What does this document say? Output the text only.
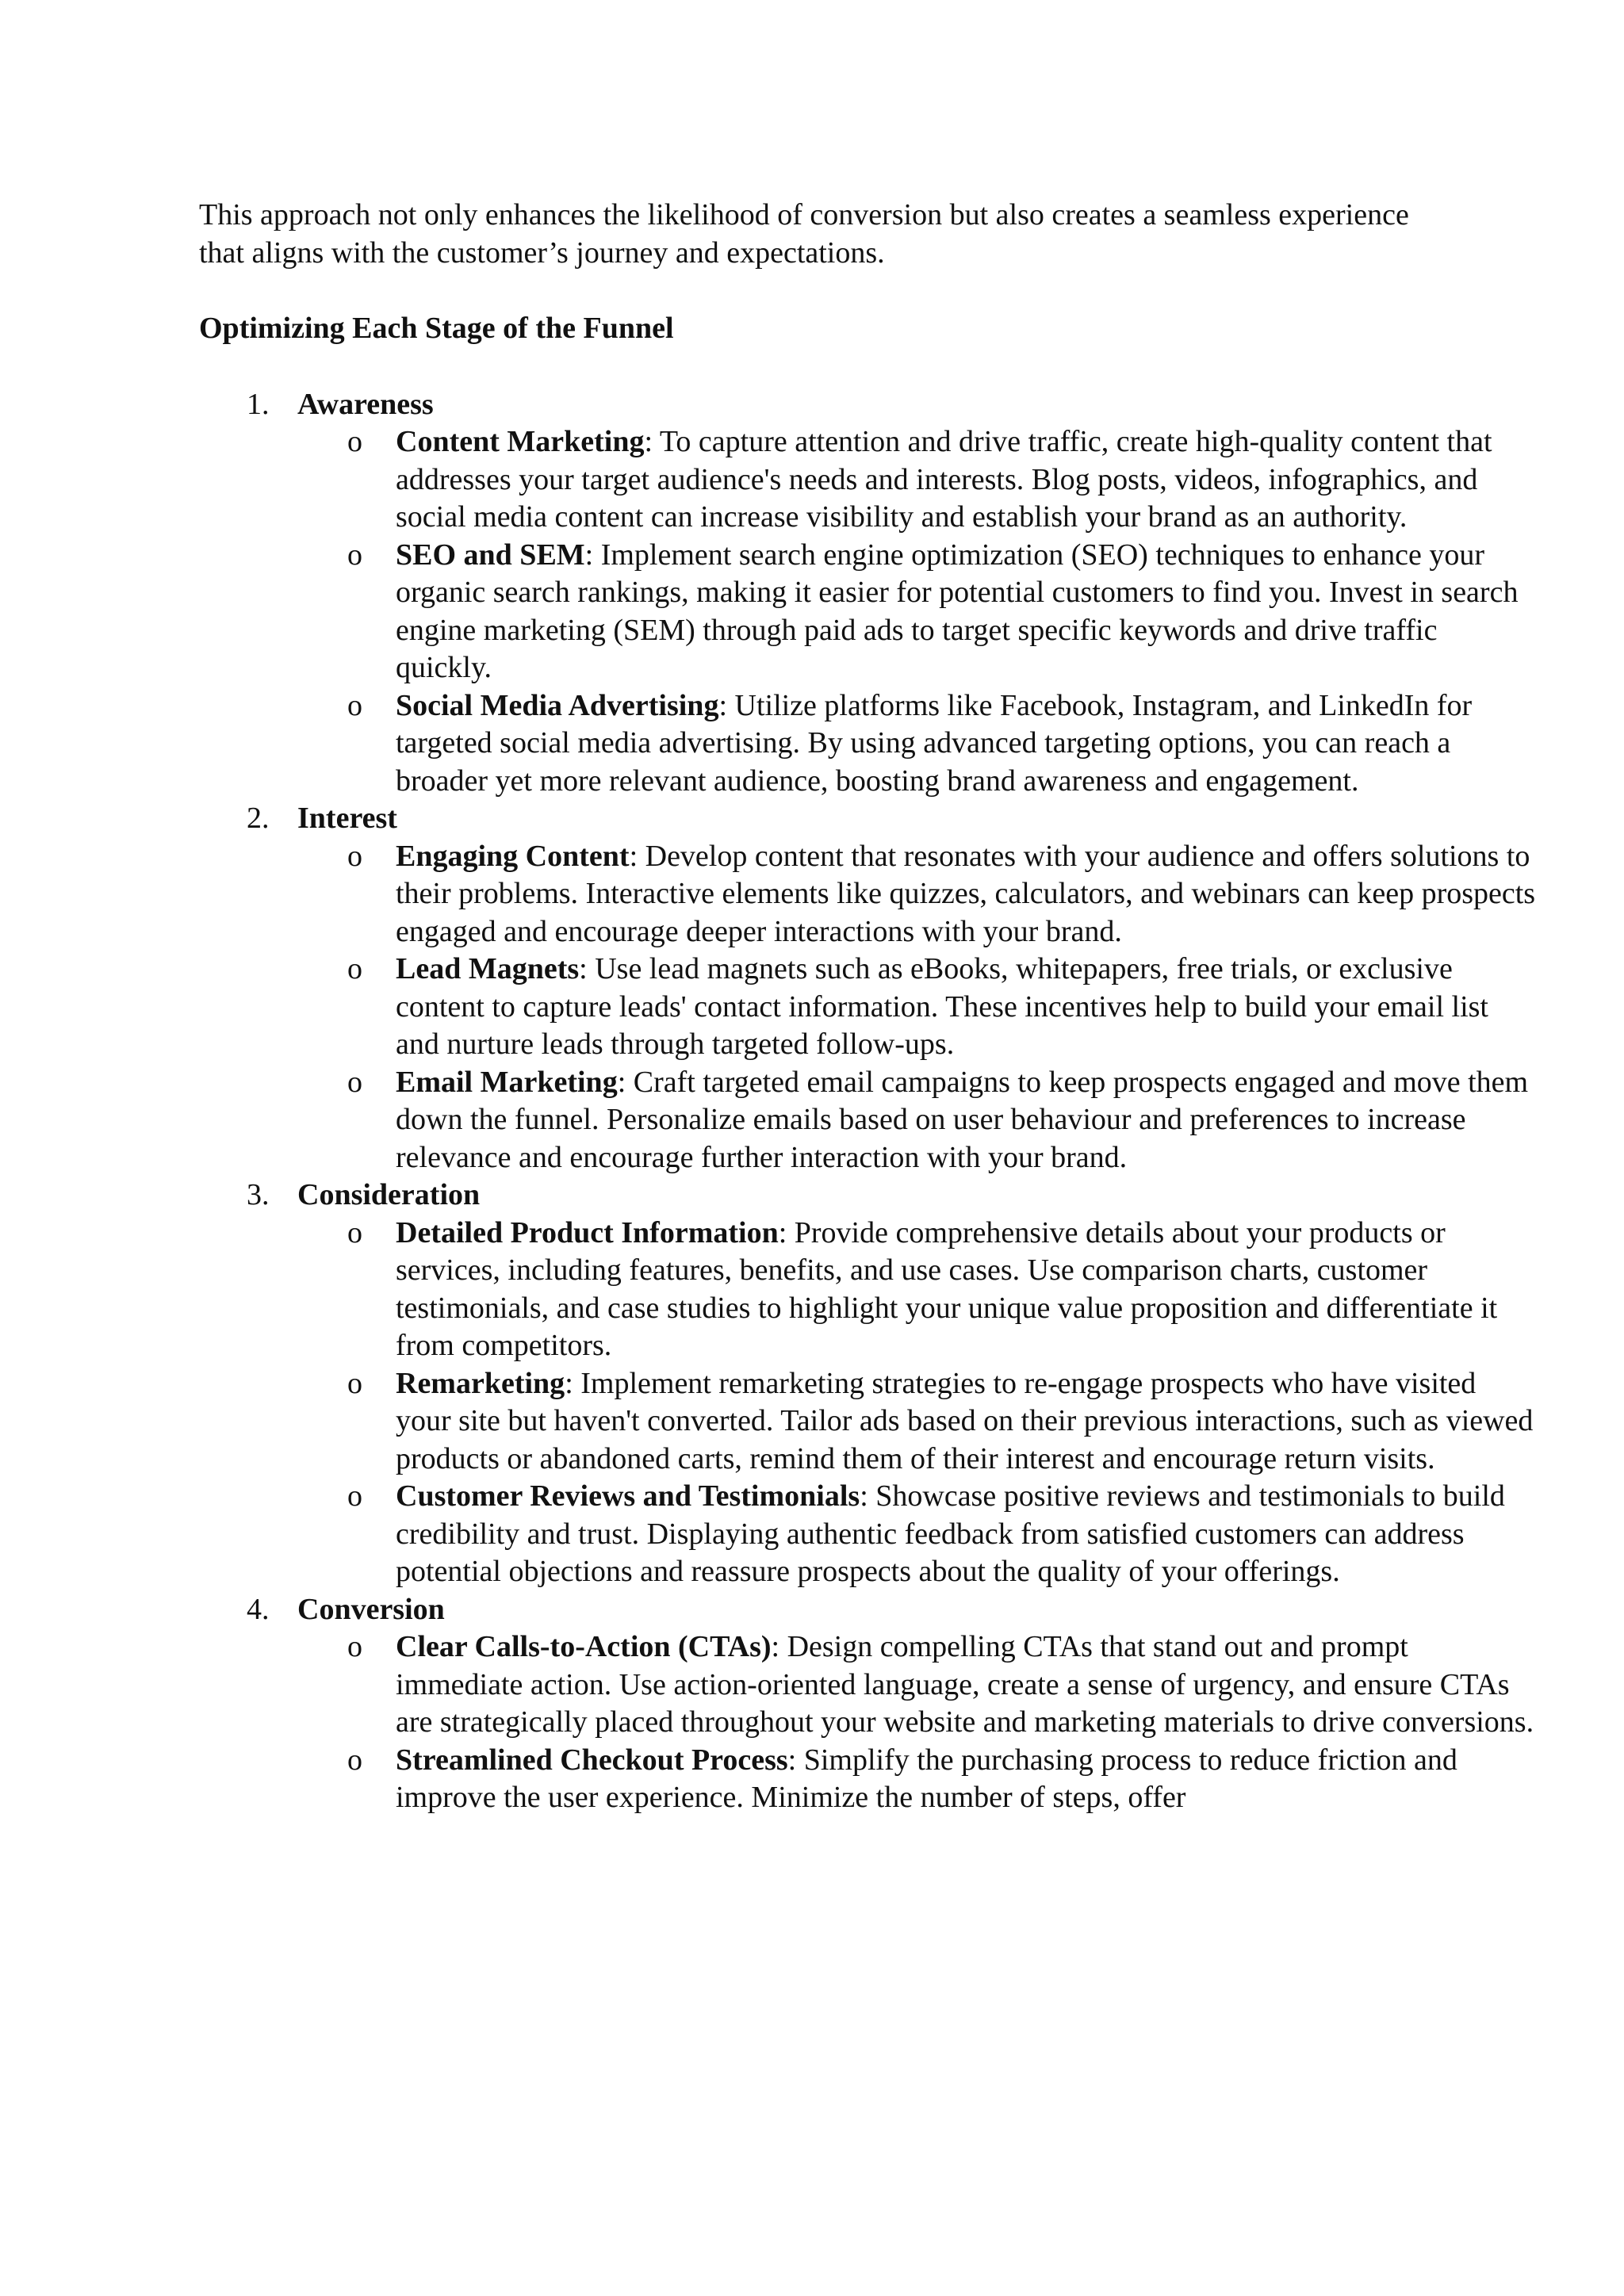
This approach not only enhances the likelihood of conversion but also creates a seamless experience that aligns with the customer’s journey and expectations.

Optimizing Each Stage of the Funnel

1. Awareness
o Content Marketing: To capture attention and drive traffic, create high-quality content that addresses your target audience's needs and interests. Blog posts, videos, infographics, and social media content can increase visibility and establish your brand as an authority.
o SEO and SEM: Implement search engine optimization (SEO) techniques to enhance your organic search rankings, making it easier for potential customers to find you. Invest in search engine marketing (SEM) through paid ads to target specific keywords and drive traffic quickly.
o Social Media Advertising: Utilize platforms like Facebook, Instagram, and LinkedIn for targeted social media advertising. By using advanced targeting options, you can reach a broader yet more relevant audience, boosting brand awareness and engagement.
2. Interest
o Engaging Content: Develop content that resonates with your audience and offers solutions to their problems. Interactive elements like quizzes, calculators, and webinars can keep prospects engaged and encourage deeper interactions with your brand.
o Lead Magnets: Use lead magnets such as eBooks, whitepapers, free trials, or exclusive content to capture leads' contact information. These incentives help to build your email list and nurture leads through targeted follow-ups.
o Email Marketing: Craft targeted email campaigns to keep prospects engaged and move them down the funnel. Personalize emails based on user behaviour and preferences to increase relevance and encourage further interaction with your brand.
3. Consideration
o Detailed Product Information: Provide comprehensive details about your products or services, including features, benefits, and use cases. Use comparison charts, customer testimonials, and case studies to highlight your unique value proposition and differentiate it from competitors.
o Remarketing: Implement remarketing strategies to re-engage prospects who have visited your site but haven't converted. Tailor ads based on their previous interactions, such as viewed products or abandoned carts, remind them of their interest and encourage return visits.
o Customer Reviews and Testimonials: Showcase positive reviews and testimonials to build credibility and trust. Displaying authentic feedback from satisfied customers can address potential objections and reassure prospects about the quality of your offerings.
4. Conversion
o Clear Calls-to-Action (CTAs): Design compelling CTAs that stand out and prompt immediate action. Use action-oriented language, create a sense of urgency, and ensure CTAs are strategically placed throughout your website and marketing materials to drive conversions.
o Streamlined Checkout Process: Simplify the purchasing process to reduce friction and improve the user experience. Minimize the number of steps, offer
